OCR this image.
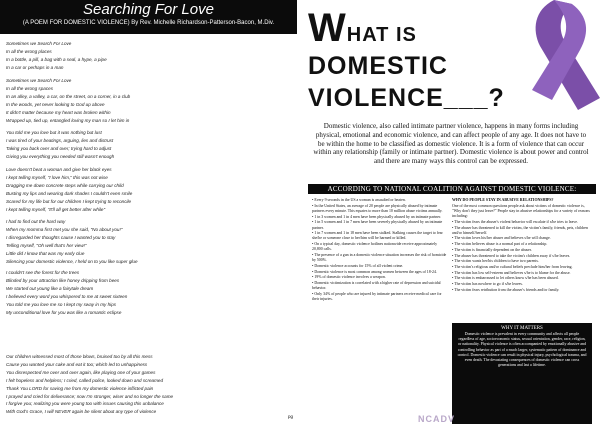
Searching For Love
(A POEM FOR DOMESTIC VIOLENCE) By Rev. Michelle Richardson-Patterson-Bacon, M.Div.
Sometimes we Search For Love
In all the wrong places
In a bottle, a pill, a bag with a seal, a hype, a pipe
In a car or perhaps in a man
Sometimes we Search For Love
In all the wrong spaces
In an alley, a valley, a car, on the street, on a corner, in a club
In the woods, yet never looking to God up above
It didn't matter because my heart was broken within
Wrapped up, tied up, entangled loving my man so I let him in
You told me you love but it was nothing but lust
I was tired of your beatings, arguing, lies and distrust
Taking you back over and over; trying hard to adjust
Giving you everything you needed still wasn't enough
Love doesn't beat a woman and give her black eyes
I kept telling myself, "I love him," this was not wise
Dragging me down concrete steps while carrying our child
Busting my lips and wearing dark shades I couldn't even smile
Scared for my life but for our children I kept trying to reconcile
I kept telling myself, "It'll all get better after while"
I had to find out the hard way
When my momma first met you she said, "No about you!"
I disregarded her thoughts cause I wanted you to stay
Telling myself, "Oh well that's her view!"
Little did I know that was my early clue
Silencing your domestic violence, I held on to you like super glue
I couldn't see the forest for the trees
Blinded by your attraction like honey dripping from bees
We started out young like a fairytale dream
I believed every word you whispered to me at sweet sixteen
You told me you love me so I kept my sway in my hips
My unconditional love for you was like a romantic eclipse
Our children witnessed most of those blows, bruised too by all this mess
Cause you wanted your cake and eat it too; which led to unhappiness
You disrespected me over and over again, like playing one of your games
I felt hopeless and helpless; I cried, called police, looked down and screamed
Thank You LORD for saving me from my domestic violence inflicted pain
I prayed and cried for deliverance; now I'm stronger, wiser and no longer the same
I forgive you; realizing you were young too with issues causing this unbalance
With God's Grace, I will NEVER again be silent about any type of violence
pg
WHAT IS
DOMESTIC
VIOLENCE___?
Domestic violence, also called intimate partner violence, happens in many forms including physical, emotional and economic violence, and can affect people of any age. It does not have to be within the home to be classified as domestic violence. It is a form of violence that can occur within any relationship (family or intimate partner). Domestic violence is about power and control and there are many ways this control can be expressed.
ACCORDING TO NATIONAL COALITION AGAINST DOMESTIC VIOLENCE:

• Every 9 seconds in the US a woman is assaulted or beaten.

• In the United States, an average of 20 people are physically abused by intimate partners every minute. This equates to more than 10 million abuse victims annually.

• 1 in 3 women and 1 in 4 men have been physically abused by an intimate partner.

• 1 in 5 women and 1 in 7 men have been severely physically abused by an intimate partner.

• 1 in 7 women and 1 in 18 men have been stalked. Stalking causes the target to fear she/he or someone close to her/him will be harmed or killed.

• On a typical day, domestic violence hotlines nationwide receive approximately 20,800 calls.

• The presence of a gun in a domestic violence situation increases the risk of homicide by 500%.

• Domestic violence accounts for 15% of all violent crime.

• Domestic violence is most common among women between the ages of 18-24.

• 19% of domestic violence involves a weapon.

• Domestic victimization is correlated with a higher rate of depression and suicidal behavior.

• Only 34% of people who are injured by intimate partners receive medical care for their injuries.

WHY DO PEOPLE STAY IN ABUSIVE RELATIONSHIPS?

One of the most common questions people ask about victims of domestic violence is, "Why don't they just leave?" People stay in abusive relationships for a variety of reasons including:

• The victim fears the abuser's violent behavior will escalate if s/he tries to leave.

• The abuser has threatened to kill the victim, the victim's family, friends, pets, children and/or himself/herself.

• The victim loves his/her abuser and believes s/he will change.

• The victim believes abuse is a normal part of a relationship.

• The victim is financially dependent on the abuser.

• The abuser has threatened to take the victim's children away if s/he leaves.

• The victim wants her/his children to have two parents.

• The victim's religious and/or cultural beliefs preclude him/her from leaving.

• The victim has low self-esteem and believes s/he is to blame for the abuse.

• The victim is embarrassed to let others know s/he has been abused.

• The victim has nowhere to go if s/he leaves.

• The victim fears retribution from the abuser's friends and/or family.

WHY IT MATTERS
Domestic violence is prevalent in every community and affects all people regardless of age, socioeconomic status, sexual orientation, gender, race, religion, or nationality. Physical violence is often accompanied by emotionally abusive and controlling behavior as part of a much larger, systematic pattern of dominance and control. Domestic violence can result in physical injury, psychological trauma, and even death. The devastating consequences of domestic violence can cross generations and last a lifetime.
NCADV
